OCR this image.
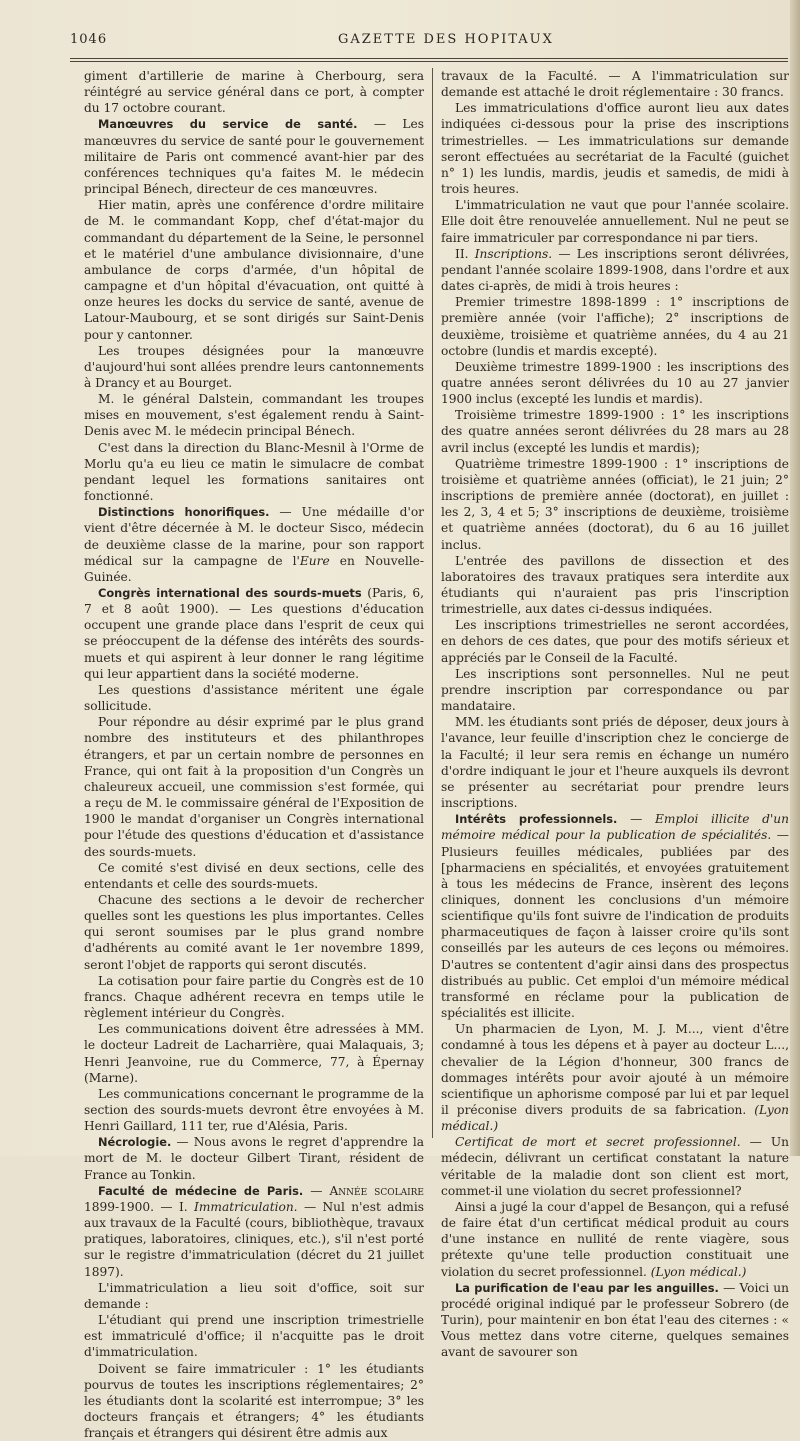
1046	GAZETTE DES HOPITAUX

giment d'artillerie de marine à Cherbourg, sera réintégré au service général dans ce port, à compter du 17 octobre courant.

Manœuvres du service de santé. — Les manœuvres du service de santé pour le gouvernement militaire de Paris ont commencé avant-hier par des conférences techniques qu'a faites M. le médecin principal Bénech, directeur de ces manœuvres.

Hier matin, après une conférence d'ordre militaire de M. le commandant Kopp, chef d'état-major du commandant du département de la Seine, le personnel et le matériel d'une ambulance divisionnaire, d'une ambulance de corps d'armée, d'un hôpital de campagne et d'un hôpital d'évacuation, ont quitté à onze heures les docks du service de santé, avenue de Latour-Maubourg, et se sont dirigés sur Saint-Denis pour y cantonner.

Les troupes désignées pour la manœuvre d'aujourd'hui sont allées prendre leurs cantonnements à Drancy et au Bourget.

M. le général Dalstein, commandant les troupes mises en mouvement, s'est également rendu à Saint-Denis avec M. le médecin principal Bénech.

C'est dans la direction du Blanc-Mesnil à l'Orme de Morlu qu'a eu lieu ce matin le simulacre de combat pendant lequel les formations sanitaires ont fonctionné.

Distinctions honorifiques. — Une médaille d'or vient d'être décernée à M. le docteur Sisco, médecin de deuxième classe de la marine, pour son rapport médical sur la campagne de l'Eure en Nouvelle-Guinée.

Congrès international des sourds-muets (Paris, 6, 7 et 8 août 1900). — Les questions d'éducation occupent une grande place dans l'esprit de ceux qui se préoccupent de la défense des intérêts des sourds-muets et qui aspirent à leur donner le rang légitime qui leur appartient dans la société moderne.

Les questions d'assistance méritent une égale sollicitude.

Pour répondre au désir exprimé par le plus grand nombre des instituteurs et des philanthropes étrangers, et par un certain nombre de personnes en France, qui ont fait à la proposition d'un Congrès un chaleureux accueil, une commission s'est formée, qui a reçu de M. le commissaire général de l'Exposition de 1900 le mandat d'organiser un Congrès international pour l'étude des questions d'éducation et d'assistance des sourds-muets.

Ce comité s'est divisé en deux sections, celle des entendants et celle des sourds-muets.

Chacune des sections a le devoir de rechercher quelles sont les questions les plus importantes. Celles qui seront soumises par le plus grand nombre d'adhérents au comité avant le 1er novembre 1899, seront l'objet de rapports qui seront discutés.

La cotisation pour faire partie du Congrès est de 10 francs. Chaque adhérent recevra en temps utile le règlement intérieur du Congrès.

Les communications doivent être adressées à MM. le docteur Ladreit de Lacharrière, quai Malaquais, 3; Henri Jeanvoine, rue du Commerce, 77, à Épernay (Marne).

Les communications concernant le programme de la section des sourds-muets devront être envoyées à M. Henri Gaillard, 111 ter, rue d'Alésia, Paris.

Nécrologie. — Nous avons le regret d'apprendre la mort de M. le docteur Gilbert Tirant, résident de France au Tonkin.

Faculté de médecine de Paris. — Année scolaire 1899-1900. — I. Immatriculation. — Nul n'est admis aux travaux de la Faculté (cours, bibliothèque, travaux pratiques, laboratoires, cliniques, etc.), s'il n'est porté sur le registre d'immatriculation (décret du 21 juillet 1897).

L'immatriculation a lieu soit d'office, soit sur demande :

L'étudiant qui prend une inscription trimestrielle est immatriculé d'office; il n'acquitte pas le droit d'immatriculation.

Doivent se faire immatriculer : 1° les étudiants pourvus de toutes les inscriptions réglementaires; 2° les étudiants dont la scolarité est interrompue; 3° les docteurs français et étrangers; 4° les étudiants français et étrangers qui désirent être admis aux

travaux de la Faculté. — A l'immatriculation sur demande est attaché le droit réglementaire : 30 francs.

Les immatriculations d'office auront lieu aux dates indiquées ci-dessous pour la prise des inscriptions trimestrielles. — Les immatriculations sur demande seront effectuées au secrétariat de la Faculté (guichet n° 1) les lundis, mardis, jeudis et samedis, de midi à trois heures.

L'immatriculation ne vaut que pour l'année scolaire. Elle doit être renouvelée annuellement. Nul ne peut se faire immatriculer par correspondance ni par tiers.

II. Inscriptions. — Les inscriptions seront délivrées, pendant l'année scolaire 1899-1908, dans l'ordre et aux dates ci-après, de midi à trois heures :

Premier trimestre 1898-1899 : 1° inscriptions de première année (voir l'affiche); 2° inscriptions de deuxième, troisième et quatrième années, du 4 au 21 octobre (lundis et mardis excepté).

Deuxième trimestre 1899-1900 : les inscriptions des quatre années seront délivrées du 10 au 27 janvier 1900 inclus (excepté les lundis et mardis).

Troisième trimestre 1899-1900 : 1° les inscriptions des quatre années seront délivrées du 28 mars au 28 avril inclus (excepté les lundis et mardis);

Quatrième trimestre 1899-1900 : 1° inscriptions de troisième et quatrième années (officiat), le 21 juin; 2° inscriptions de première année (doctorat), en juillet : les 2, 3, 4 et 5; 3° inscriptions de deuxième, troisième et quatrième années (doctorat), du 6 au 16 juillet inclus.

L'entrée des pavillons de dissection et des laboratoires des travaux pratiques sera interdite aux étudiants qui n'auraient pas pris l'inscription trimestrielle, aux dates ci-dessus indiquées.

Les inscriptions trimestrielles ne seront accordées, en dehors de ces dates, que pour des motifs sérieux et appréciés par le Conseil de la Faculté.

Les inscriptions sont personnelles. Nul ne peut prendre inscription par correspondance ou par mandataire.

MM. les étudiants sont priés de déposer, deux jours à l'avance, leur feuille d'inscription chez le concierge de la Faculté; il leur sera remis en échange un numéro d'ordre indiquant le jour et l'heure auxquels ils devront se présenter au secrétariat pour prendre leurs inscriptions.

Intérêts professionnels. — Emploi illicite d'un mémoire médical pour la publication de spécialités. — Plusieurs feuilles médicales, publiées par des [pharmaciens en spécialités, et envoyées gratuitement à tous les médecins de France, insèrent des leçons cliniques, donnent les conclusions d'un mémoire scientifique qu'ils font suivre de l'indication de produits pharmaceutiques de façon à laisser croire qu'ils sont conseillés par les auteurs de ces leçons ou mémoires. D'autres se contentent d'agir ainsi dans des prospectus distribués au public. Cet emploi d'un mémoire médical transformé en réclame pour la publication de spécialités est illicite.

Un pharmacien de Lyon, M. J. M..., vient d'être condamné à tous les dépens et à payer au docteur L..., chevalier de la Légion d'honneur, 300 francs de dommages intérêts pour avoir ajouté à un mémoire scientifique un aphorisme composé par lui et par lequel il préconise divers produits de sa fabrication. (Lyon médical.)

Certificat de mort et secret professionnel. — Un médecin, délivrant un certificat constatant la nature véritable de la maladie dont son client est mort, commet-il une violation du secret professionnel?

Ainsi a jugé la cour d'appel de Besançon, qui a refusé de faire état d'un certificat médical produit au cours d'une instance en nullité de rente viagère, sous prétexte qu'une telle production constituait une violation du secret professionnel. (Lyon médical.)

La purification de l'eau par les anguilles. — Voici un procédé original indiqué par le professeur Sobrero (de Turin), pour maintenir en bon état l'eau des citernes : « Vous mettez dans votre citerne, quelques semaines avant de savourer son
